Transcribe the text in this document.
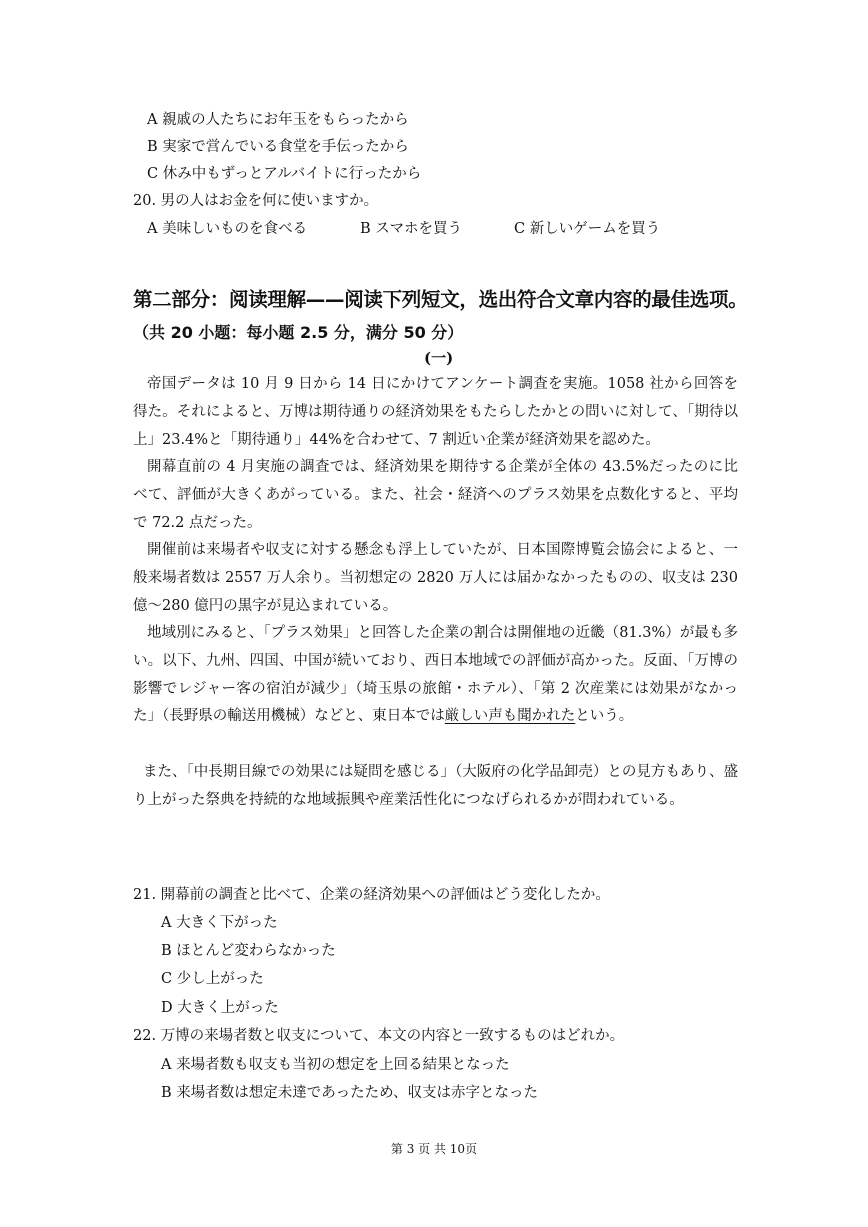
A 親戚の人たちにお年玉をもらったから
B 実家で営んでいる食堂を手伝ったから
C 休み中もずっとアルバイトに行ったから
20. 男の人はお金を何に使いますか。
A 美味しいものを食べる	B スマホを買う	C 新しいゲームを買う
第二部分：阅读理解——阅读下列短文，选出符合文章内容的最佳选项。
（共 20 小题：每小题 2.5 分，满分 50 分）
(一)
帝国データは 10 月 9 日から 14 日にかけてアンケート調査を実施。1058 社から回答を得た。それによると、万博は期待通りの経済効果をもたらしたかとの問いに対して、「期待以上」23.4%と「期待通り」44%を合わせて、7 割近い企業が経済効果を認めた。
開幕直前の 4 月実施の調査では、経済効果を期待する企業が全体の 43.5%だったのに比べて、評価が大きくあがっている。また、社会・経済へのプラス効果を点数化すると、平均で 72.2 点だった。
開催前は来場者や収支に対する懸念も浮上していたが、日本国際博覧会協会によると、一般来場者数は 2557 万人余り。当初想定の 2820 万人には届かなかったものの、収支は 230 億～280 億円の黒字が見込まれている。
地域別にみると、「プラス効果」と回答した企業の割合は開催地の近畿（81.3%）が最も多い。以下、九州、四国、中国が続いており、西日本地域での評価が高かった。反面、「万博の影響でレジャー客の宿泊が減少」（埼玉県の旅館・ホテル）、「第 2 次産業には効果がなかった」（長野県の輸送用機械）などと、東日本では厳しい声も聞かれたという。
また、「中長期目線での効果には疑問を感じる」（大阪府の化学品卸売）との見方もあり、盛り上がった祭典を持続的な地域振興や産業活性化につなげられるかが問われている。
21. 開幕前の調査と比べて、企業の経済効果への評価はどう変化したか。
A 大きく下がった
B ほとんど変わらなかった
C 少し上がった
D 大きく上がった
22. 万博の来場者数と収支について、本文の内容と一致するものはどれか。
A 来場者数も収支も当初の想定を上回る結果となった
B 来場者数は想定未達であったため、収支は赤字となった
第 3 页 共 10页
